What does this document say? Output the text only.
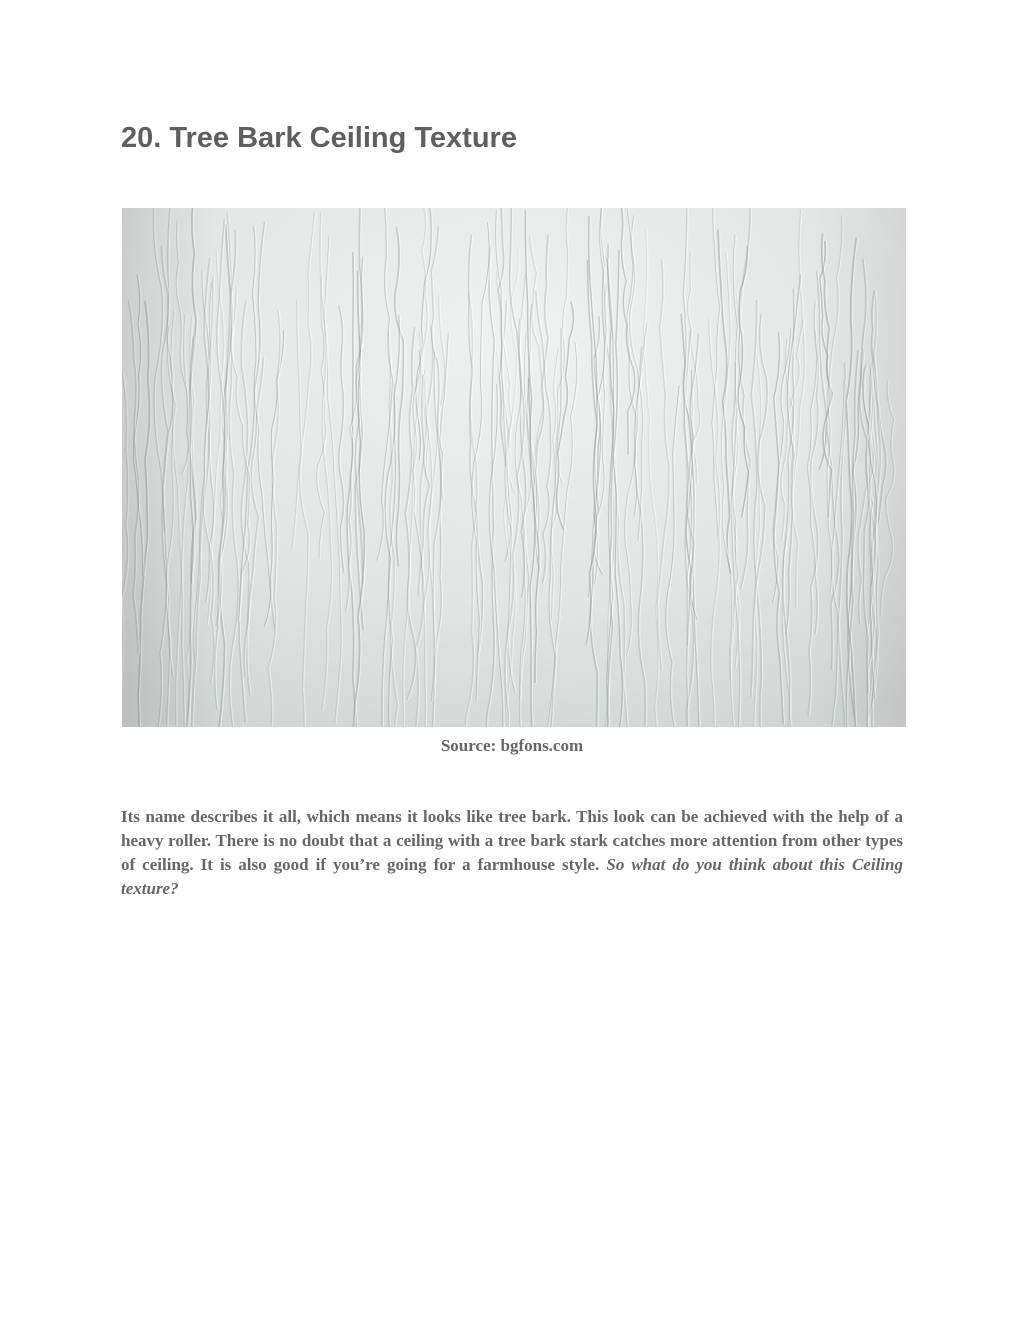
20. Tree Bark Ceiling Texture
Source: bgfons.com

Its name describes it all, which means it looks like tree bark. This look can be achieved with the help of a heavy roller. There is no doubt that a ceiling with a tree bark stark catches more attention from other types of ceiling. It is also good if you’re going for a farmhouse style. So what do you think about this Ceiling texture?
